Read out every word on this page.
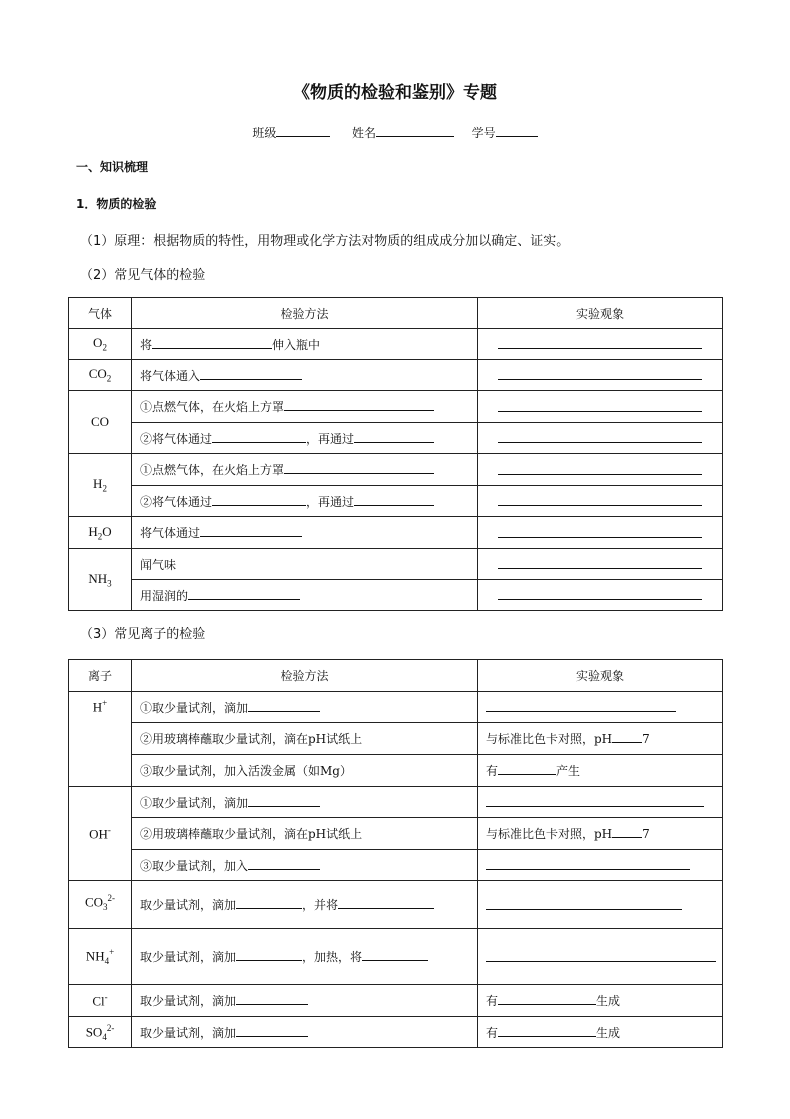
《物质的检验和鉴别》专题
班级	姓名	学号
一、知识梳理
1．物质的检验
（1）原理：根据物质的特性，用物理或化学方法对物质的组成成分加以确定、证实。
（2）常见气体的检验
气体	检验方法	实验观象
$O_2$	将 伸入瓶中	
$CO_2$	将气体通入	
CO	①点燃气体，在火焰上方罩	
	②将气体通过 ，再通过	
$H_2$	①点燃气体，在火焰上方罩	
	②将气体通过 ，再通过	
$H_2O$	将气体通过	
$NH_3$	闻气味	
	用湿润的	
（3）常见离子的检验
离子	检验方法	实验观象
H+	①取少量试剂，滴加	
	②用玻璃棒蘸取少量试剂，滴在pH试纸上	与标准比色卡对照，pH 7
	③取少量试剂，加入活泼金属（如Mg）	有 产生
OH-	①取少量试剂，滴加	
	②用玻璃棒蘸取少量试剂，滴在pH试纸上	与标准比色卡对照，pH 7
	③取少量试剂，加入	
$CO_3^{2-}$	取少量试剂，滴加 ，并将	
$NH_4^+$	取少量试剂，滴加 ，加热，将	
Cl-	取少量试剂，滴加	有 生成
$SO_4^{2-}$	取少量试剂，滴加	有 生成
